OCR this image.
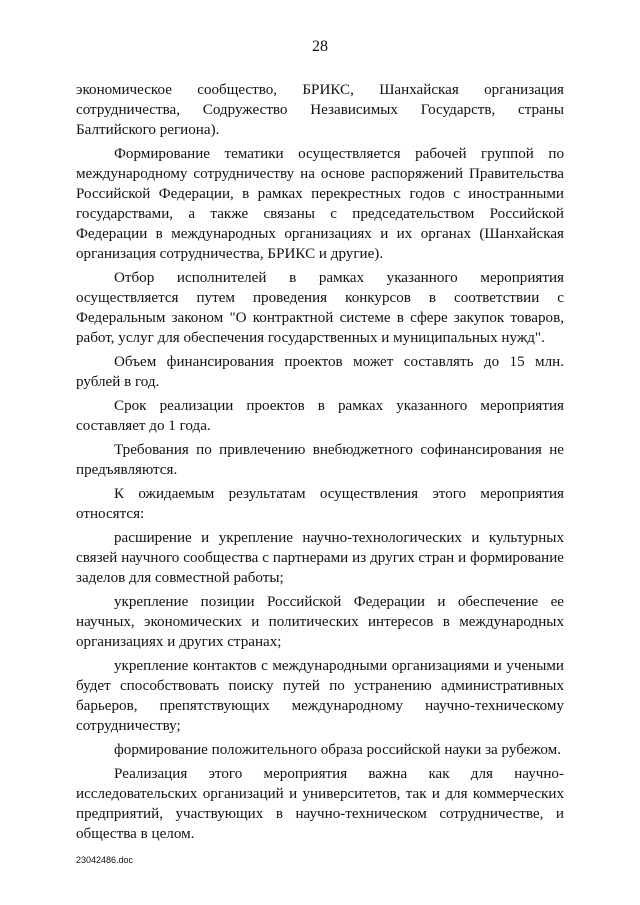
28

экономическое сообщество, БРИКС, Шанхайская организация сотрудничества, Содружество Независимых Государств, страны Балтийского региона).

Формирование тематики осуществляется рабочей группой по международному сотрудничеству на основе распоряжений Правительства Российской Федерации, в рамках перекрестных годов с иностранными государствами, а также связаны с председательством Российской Федерации в международных организациях и их органах (Шанхайская организация сотрудничества, БРИКС и другие).

Отбор исполнителей в рамках указанного мероприятия осуществляется путем проведения конкурсов в соответствии с Федеральным законом "О контрактной системе в сфере закупок товаров, работ, услуг для обеспечения государственных и муниципальных нужд".

Объем финансирования проектов может составлять до 15 млн. рублей в год.

Срок реализации проектов в рамках указанного мероприятия составляет до 1 года.

Требования по привлечению внебюджетного софинансирования не предъявляются.

К ожидаемым результатам осуществления этого мероприятия относятся:

расширение и укрепление научно-технологических и культурных связей научного сообщества с партнерами из других стран и формирование заделов для совместной работы;

укрепление позиции Российской Федерации и обеспечение ее научных, экономических и политических интересов в международных организациях и других странах;

укрепление контактов с международными организациями и учеными будет способствовать поиску путей по устранению административных барьеров, препятствующих международному научно-техническому сотрудничеству;

формирование положительного образа российской науки за рубежом.

Реализация этого мероприятия важна как для научно-исследовательских организаций и университетов, так и для коммерческих предприятий, участвующих в научно-техническом сотрудничестве, и общества в целом.

23042486.doc
